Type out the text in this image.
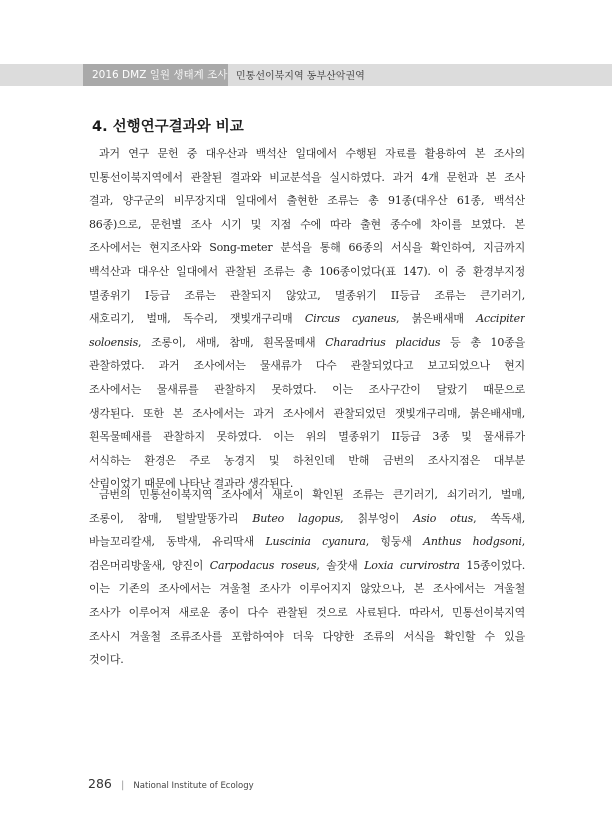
2016 DMZ 일원 생태계 조사 민통선이북지역 동부산악권역
4. 선행연구결과와 비교
과거 연구 문헌 중 대우산과 백석산 일대에서 수행된 자료를 활용하여 본 조사의
민통선이북지역에서 관찰된 결과와 비교분석을 실시하였다. 과거 4개 문헌과 본 조사
결과, 양구군의 비무장지대 일대에서 출현한 조류는 총 91종(대우산 61종, 백석산
86종)으로, 문헌별 조사 시기 및 지점 수에 따라 출현 종수에 차이를 보였다. 본
조사에서는 현지조사와 Song-meter 분석을 통해 66종의 서식을 확인하여, 지금까지
백석산과 대우산 일대에서 관찰된 조류는 총 106종이었다(표 147). 이 중 환경부지정
멸종위기 I등급 조류는 관찰되지 않았고, 멸종위기 II등급 조류는 큰기러기,
새호리기, 벌매, 독수리, 잿빛개구리매 Circus cyaneus, 붉은배새매 Accipiter
soloensis, 조롱이, 새매, 참매, 흰목물떼새 Charadrius placidus 등 총 10종을
관찰하였다. 과거 조사에서는 물새류가 다수 관찰되었다고 보고되었으나 현지
조사에서는 물새류를 관찰하지 못하였다. 이는 조사구간이 달랐기 때문으로
생각된다. 또한 본 조사에서는 과거 조사에서 관찰되었던 잿빛개구리매, 붉은배새매,
흰목물떼새를 관찰하지 못하였다. 이는 위의 멸종위기 II등급 3종 및 물새류가
서식하는 환경은 주로 농경지 및 하천인데 반해 금번의 조사지점은 대부분
산림이었기 때문에 나타난 결과라 생각된다.
금번의 민통선이북지역 조사에서 새로이 확인된 조류는 큰기러기, 쇠기러기, 벌매,
조롱이, 참매, 털발말똥가리 Buteo lagopus, 칡부엉이 Asio otus, 쏙독새,
바늘꼬리칼새, 동박새, 유리딱새 Luscinia cyanura, 힝둥새 Anthus hodgsoni,
검은머리방울새, 양진이 Carpodacus roseus, 솔잣새 Loxia curvirostra 15종이었다.
이는 기존의 조사에서는 겨울철 조사가 이루어지지 않았으나, 본 조사에서는 겨울철
조사가 이루어져 새로운 종이 다수 관찰된 것으로 사료된다. 따라서, 민통선이북지역
조사시 겨울철 조류조사를 포함하여야 더욱 다양한 조류의 서식을 확인할 수 있을
것이다.
286 | National Institute of Ecology
